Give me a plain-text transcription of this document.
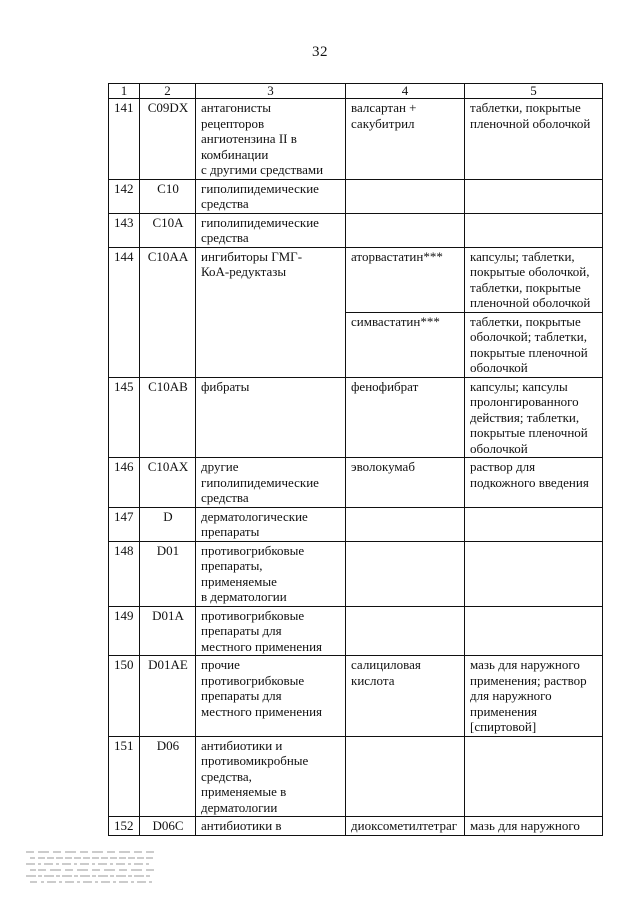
32
1	2	3	4	5
141	C09DX	антагонисты
рецепторов
ангиотензина II в
комбинации
с другими средствами	валсартан +
сакубитрил	таблетки, покрытые
пленочной оболочкой
142	C10	гиполипидемические
средства		
143	C10A	гиполипидемические
средства		
144	C10AA	ингибиторы ГМГ-
КоА-редуктазы	аторвастатин***	капсулы; таблетки,
покрытые оболочкой,
таблетки, покрытые
пленочной оболочкой
			симвастатин***	таблетки, покрытые
оболочкой; таблетки,
покрытые пленочной
оболочкой
145	C10AB	фибраты	фенофибрат	капсулы; капсулы
пролонгированного
действия; таблетки,
покрытые пленочной
оболочкой
146	C10AX	другие
гиполипидемические
средства	эволокумаб	раствор для
подкожного введения
147	D	дерматологические
препараты		
148	D01	противогрибковые
препараты,
применяемые
в дерматологии		
149	D01A	противогрибковые
препараты для
местного применения		
150	D01AE	прочие
противогрибковые
препараты для
местного применения	салициловая
кислота	мазь для наружного
применения; раствор
для наружного
применения
[спиртовой]
151	D06	антибиотики и
противомикробные
средства,
применяемые в
дерматологии		
152	D06C	антибиотики в	диоксометилтетраг	мазь для наружного
